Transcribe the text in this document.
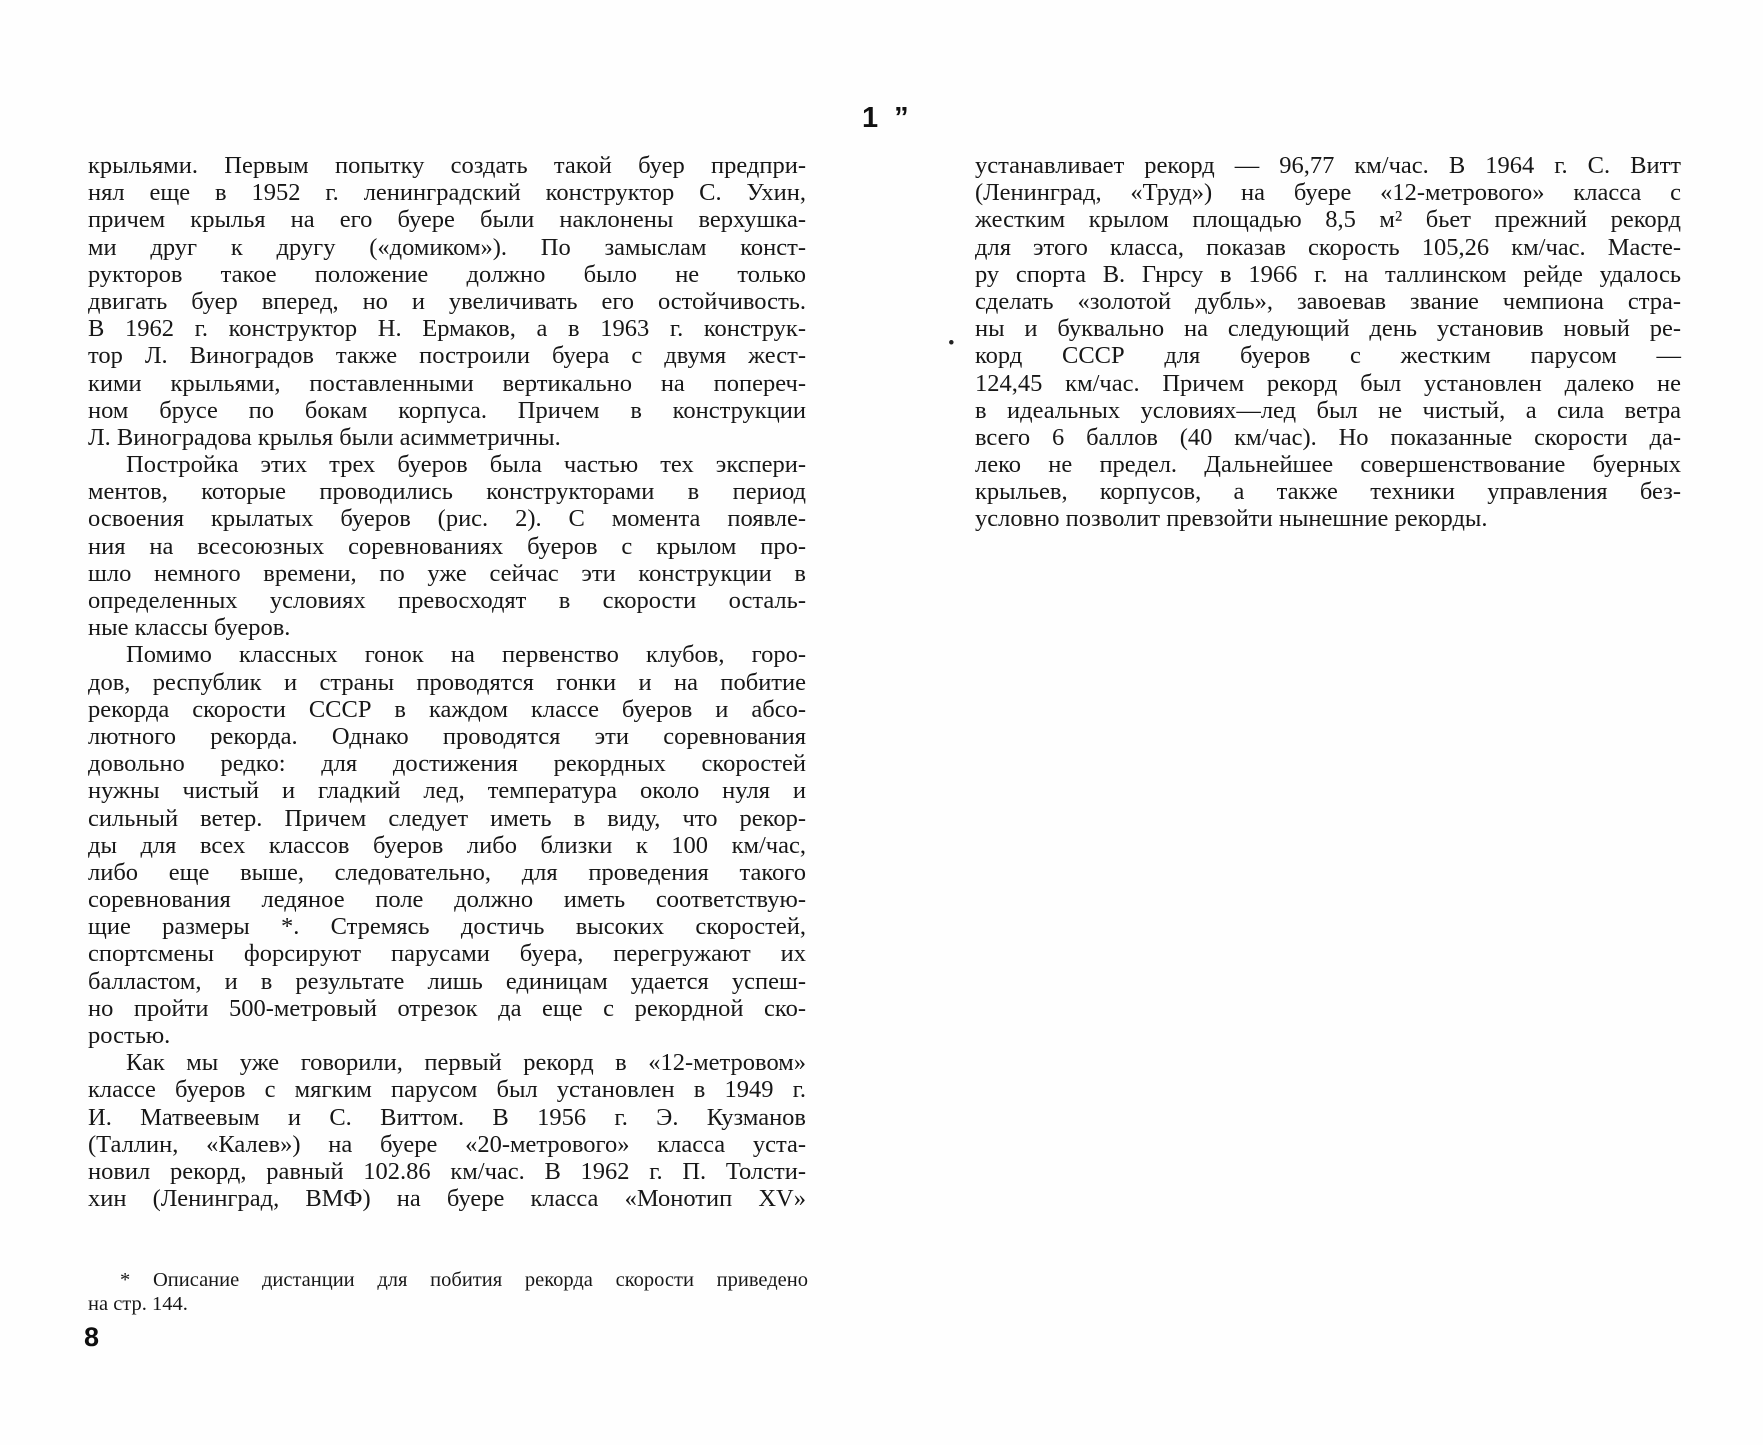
1 ”
крыльями. Первым попытку создать такой буер предпри-
нял еще в 1952 г. ленинградский конструктор С. Ухин,
причем крылья на его буере были наклонены верхушка-
ми друг к другу («домиком»). По замыслам конст-
рукторов такое положение должно было не только
двигать буер вперед, но и увеличивать его остойчивость.
В 1962 г. конструктор Н. Ермаков, а в 1963 г. конструк-
тор Л. Виноградов также построили буера с двумя жест-
кими крыльями, поставленными вертикально на попереч-
ном брусе по бокам корпуса. Причем в конструкции
Л. Виноградова крылья были асимметричны.
Постройка этих трех буеров была частью тех экспери-
ментов, которые проводились конструкторами в период
освоения крылатых буеров (рис. 2). С момента появле-
ния на всесоюзных соревнованиях буеров с крылом про-
шло немного времени, по уже сейчас эти конструкции в
определенных условиях превосходят в скорости осталь-
ные классы буеров.
Помимо классных гонок на первенство клубов, горо-
дов, республик и страны проводятся гонки и на побитие
рекорда скорости СССР в каждом классе буеров и абсо-
лютного рекорда. Однако проводятся эти соревнования
довольно редко: для достижения рекордных скоростей
нужны чистый и гладкий лед, температура около нуля и
сильный ветер. Причем следует иметь в виду, что рекор-
ды для всех классов буеров либо близки к 100 км/час,
либо еще выше, следовательно, для проведения такого
соревнования ледяное поле должно иметь соответствую-
щие размеры *. Стремясь достичь высоких скоростей,
спортсмены форсируют парусами буера, перегружают их
балластом, и в результате лишь единицам удается успеш-
но пройти 500-метровый отрезок да еще с рекордной ско-
ростью.
Как мы уже говорили, первый рекорд в «12-метровом»
классе буеров с мягким парусом был установлен в 1949 г.
И. Матвеевым и С. Виттом. В 1956 г. Э. Кузманов
(Таллин, «Калев») на буере «20-метрового» класса уста-
новил рекорд, равный 102.86 км/час. В 1962 г. П. Толсти-
хин (Ленинград, ВМФ) на буере класса «Монотип XV»
•
устанавливает рекорд — 96,77 км/час. В 1964 г. С. Витт
(Ленинград, «Труд») на буере «12-метрового» класса с
жестким крылом площадью 8,5 м² бьет прежний рекорд
для этого класса, показав скорость 105,26 км/час. Масте-
ру спорта В. Гнрсу в 1966 г. на таллинском рейде удалось
сделать «золотой дубль», завоевав звание чемпиона стра-
ны и буквально на следующий день установив новый ре-
корд СССР для буеров с жестким парусом —
124,45 км/час. Причем рекорд был установлен далеко не
в идеальных условиях—лед был не чистый, а сила ветра
всего 6 баллов (40 км/час). Но показанные скорости да-
леко не предел. Дальнейшее совершенствование буерных
крыльев, корпусов, а также техники управления без-
условно позволит превзойти нынешние рекорды.
* Описание дистанции для побития рекорда скорости приведено
на стр. 144.
8
